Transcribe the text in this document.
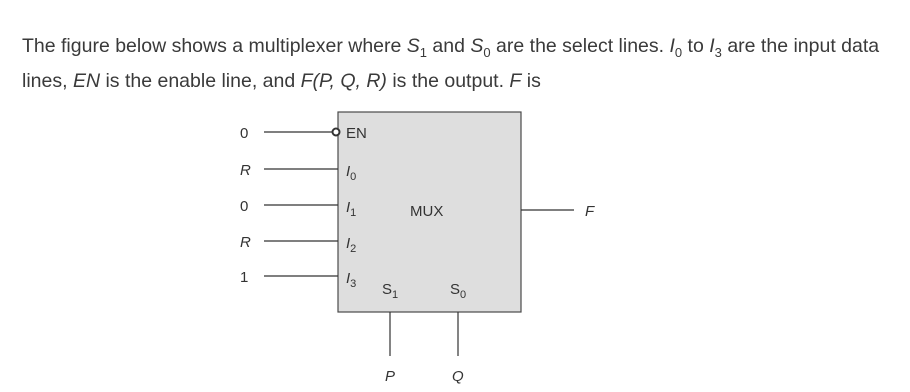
The figure below shows a multiplexer where $S_1$ and $S_0$ are the select lines. $I_0$ to $I_3$ are the input data lines, EN is the enable line, and F(P, Q, R) is the output. F is

0
R
0
R
1
EN
$I_0$
$I_1$
$I_2$
$I_3$
MUX
$S_1$	$S_0$
F
P	Q
